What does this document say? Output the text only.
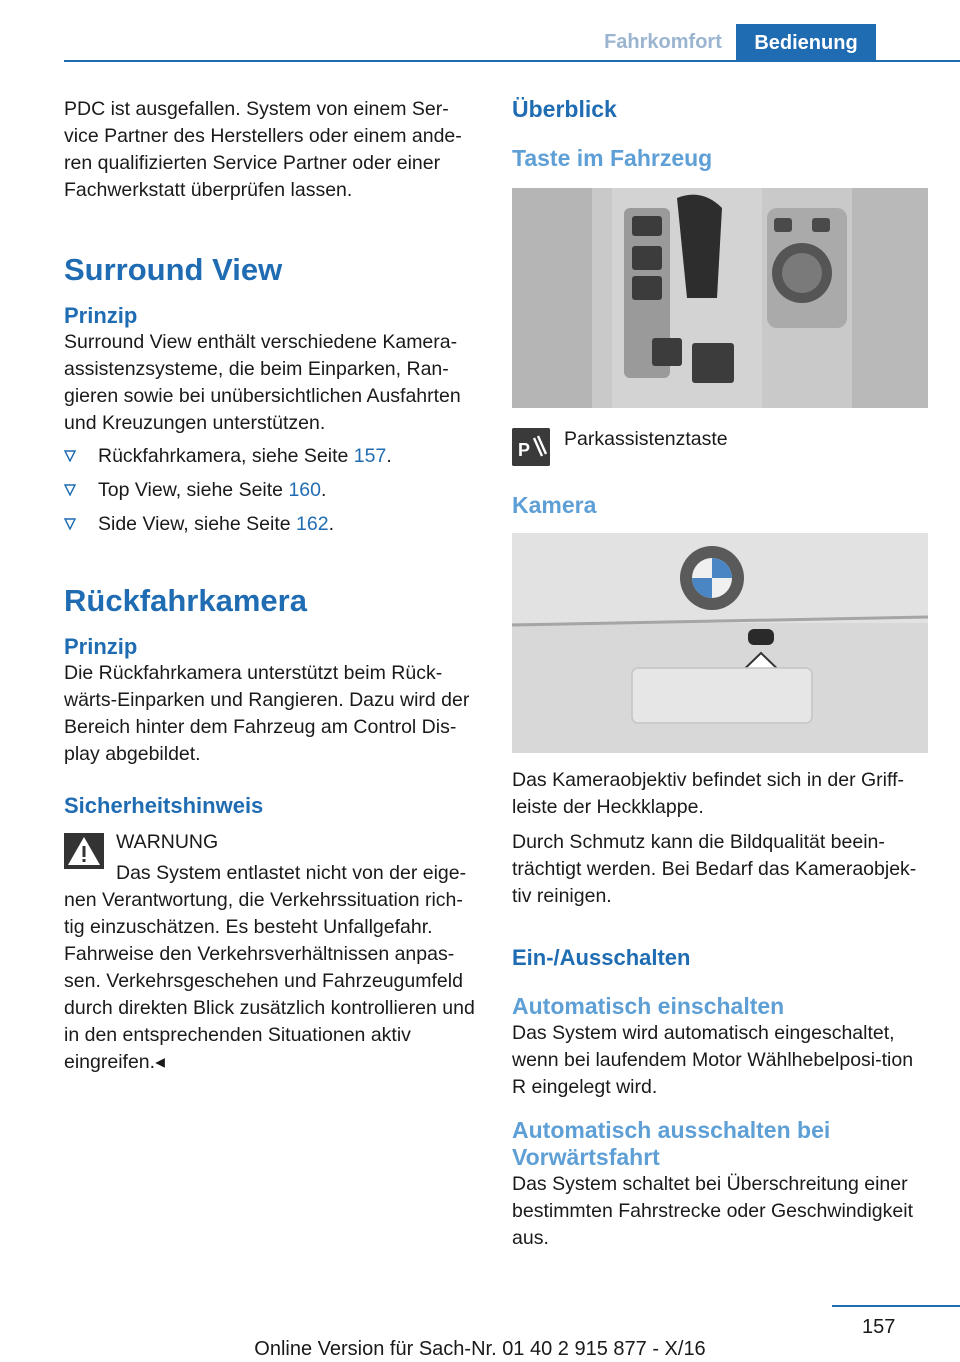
Fahrkomfort	Bedienung

PDC ist ausgefallen. System von einem Ser-vice Partner des Herstellers oder einem ande-ren qualifizierten Service Partner oder einer Fachwerkstatt überprüfen lassen.

Surround View
Prinzip

Surround View enthält verschiedene Kamera-assistenzsysteme, die beim Einparken, Ran-gieren sowie bei unübersichtlichen Ausfahrten und Kreuzungen unterstützen.

Rückfahrkamera, siehe Seite 157.
Top View, siehe Seite 160.
Side View, siehe Seite 162.
Rückfahrkamera
Prinzip

Die Rückfahrkamera unterstützt beim Rück-wärts-Einparken und Rangieren. Dazu wird der Bereich hinter dem Fahrzeug am Control Dis-play abgebildet.

Sicherheitshinweis

WARNUNG

Das System entlastet nicht von der eige-

nen Verantwortung, die Verkehrssituation rich-tig einzuschätzen. Es besteht Unfallgefahr. Fahrweise den Verkehrsverhältnissen anpas-sen. Verkehrsgeschehen und Fahrzeugumfeld durch direkten Blick zusätzlich kontrollieren und in den entsprechenden Situationen aktiv eingreifen.◂

Überblick
Taste im Fahrzeug
P Parkassistenztaste

Kamera

Das Kameraobjektiv befindet sich in der Griff-leiste der Heckklappe.

Durch Schmutz kann die Bildqualität beein-trächtigt werden. Bei Bedarf das Kameraobjek-tiv reinigen.

Ein-/Ausschalten
Automatisch einschalten

Das System wird automatisch eingeschaltet, wenn bei laufendem Motor Wählhebelposi-tion R eingelegt wird.

Automatisch ausschalten bei Vorwärtsfahrt

Das System schaltet bei Überschreitung einer bestimmten Fahrstrecke oder Geschwindigkeit aus.

157
Online Version für Sach-Nr. 01 40 2 915 877 - X/16
